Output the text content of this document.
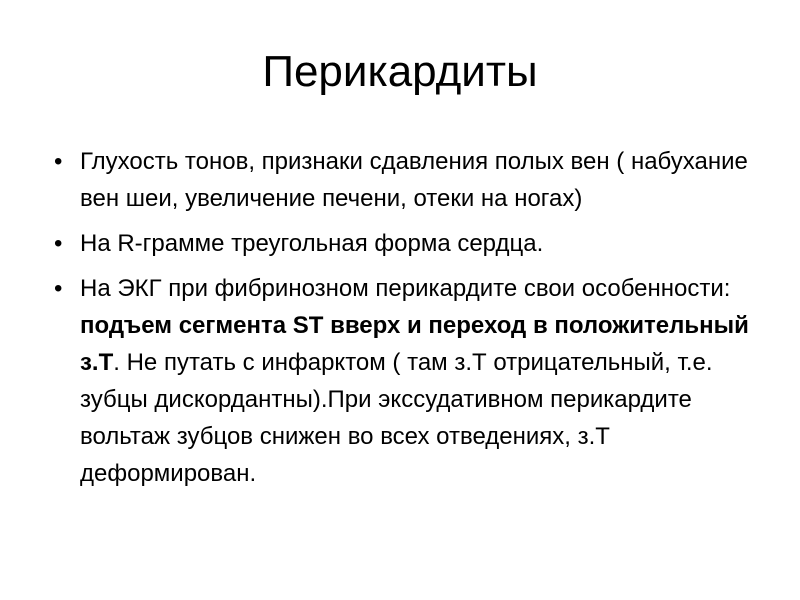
Перикардиты
• Глухость тонов, признаки сдавления полых вен ( набухание вен шеи, увеличение печени, отеки на ногах)
• На R-грамме треугольная форма сердца.
• На ЭКГ при фибринозном перикардите свои особенности: подъем сегмента ST вверх и переход в положительный з.Т. Не путать с инфарктом ( там з.Т отрицательный, т.е. зубцы дискордантны).При экссудативном перикардите вольтаж зубцов снижен во всех отведениях, з.Т деформирован.
